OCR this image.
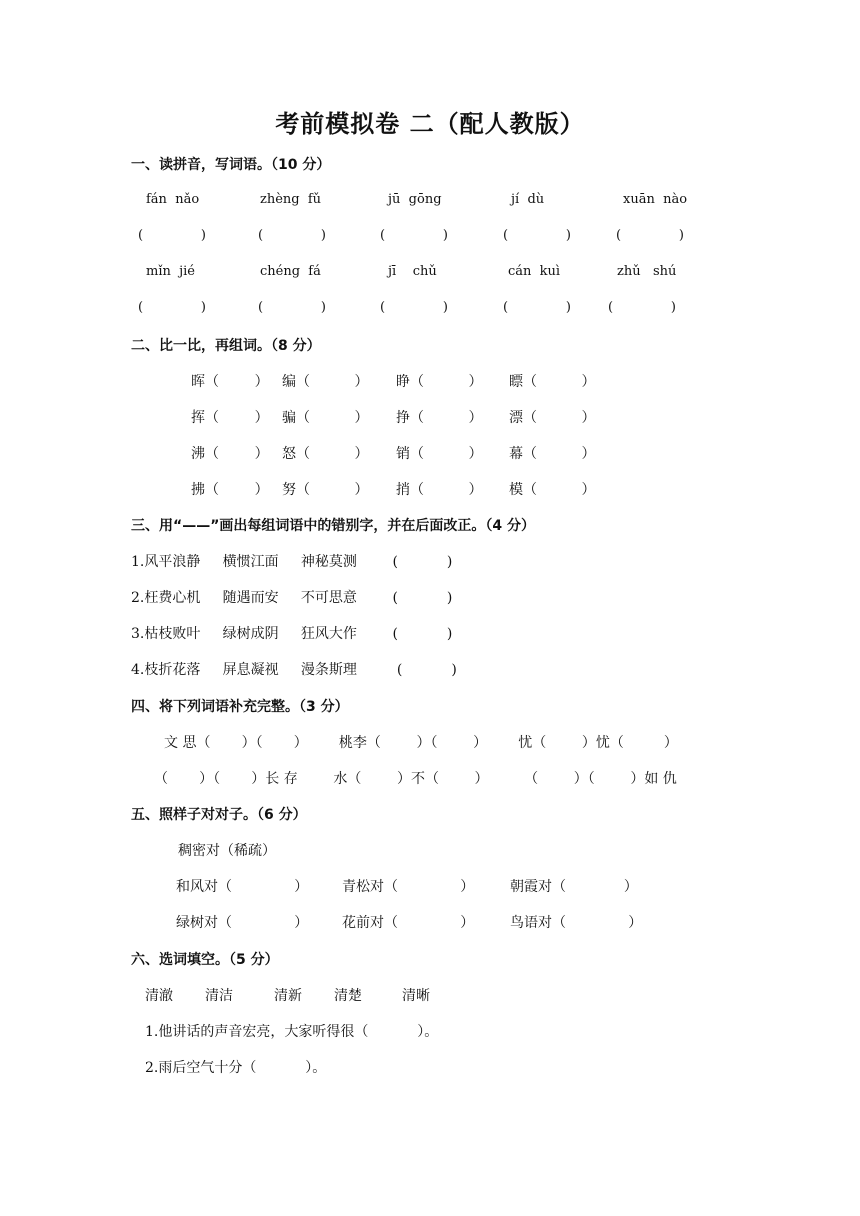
考前模拟卷 二（配人教版）
一、读拼音，写词语。（10 分）
fán  nǎo	zhèng  fǔ	jū  gōng	jí  dù	xuān  nào
(              )	(              )	(              )	(              )	(              )
mǐn  jié	chéng  fá	jī    chǔ	cán  kuì	zhǔ   shú
(              )	(              )	(              )	(              )	(              )
二、比一比，再组词。（8 分）
晖（        ） 编（          ） 睁（          ） 瞟（          ）
挥（        ） 骗（          ） 挣（          ） 漂（          ）
沸（        ） 怒（          ） 销（          ） 幕（          ）
拂（        ） 努（          ） 捎（          ） 模（          ）
三、用“——”画出每组词语中的错别字，并在后面改正。（4 分）
1.风平浪静     横惯江面     神秘莫测        (           )
2.枉费心机     随遇而安     不可思意        (           )
3.枯枝败叶     绿树成阴     狂风大作        (           )
4.枝折花落     屏息凝视     漫条斯理         (           )
四、将下列词语补充完整。（3 分）
文 思（       ）（       ）       桃李（        ）（        ）       忧（        ）忧（         ）
（       ）（       ）长 存        水（        ）不（        ）        （        ）（        ）如 仇
五、照样子对对子。（6 分）
稠密对（稀疏）
和风对（              ） 青松对（              ）	朝霞对（             ）
绿树对（              ） 花前对（              ）	鸟语对（              ）
六、选词填空。（5 分）
清澈 清洁	清新 清楚	清晰
1.他讲话的声音宏亮，大家听得很（           ）。
2.雨后空气十分（           ）。
